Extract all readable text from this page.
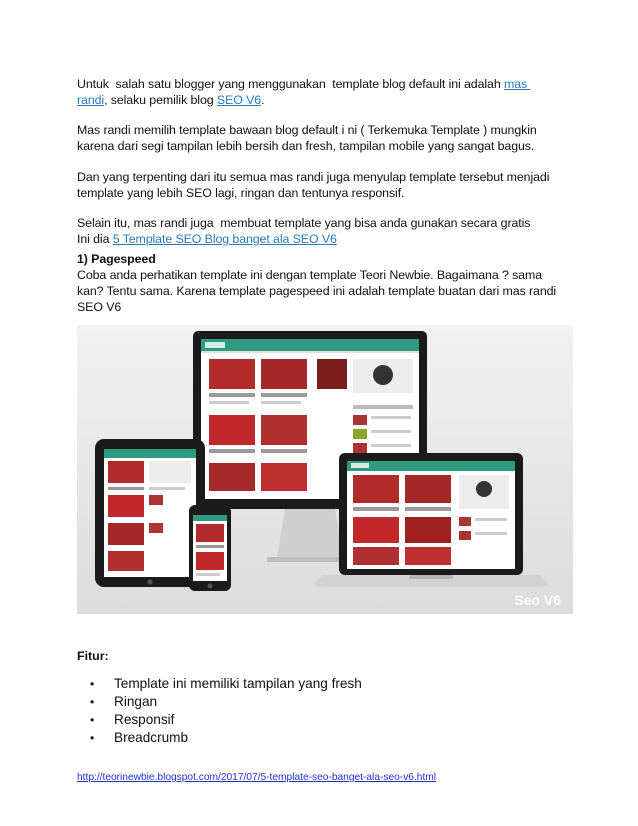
Untuk  salah satu blogger yang menggunakan  template blog default ini adalah mas randi, selaku pemilik blog SEO V6.
Mas randi memilih template bawaan blog default i ni ( Terkemuka Template ) mungkin karena dari segi tampilan lebih bersih dan fresh, tampilan mobile yang sangat bagus.
Dan yang terpenting dari itu semua mas randi juga menyulap template tersebut menjadi template yang lebih SEO lagi, ringan dan tentunya responsif.
Selain itu, mas randi juga  membuat template yang bisa anda gunakan secara gratis
Ini dia 5 Template SEO Blog banget ala SEO V6
1) Pagespeed
Coba anda perhatikan template ini dengan template Teori Newbie. Bagaimana ? sama kan? Tentu sama. Karena template pagespeed ini adalah template buatan dari mas randi SEO V6
Seo V6
Fitur:
• Template ini memiliki tampilan yang fresh
• Ringan
• Responsif
• Breadcrumb
http://teorinewbie.blogspot.com/2017/07/5-template-seo-banget-ala-seo-v6.html
